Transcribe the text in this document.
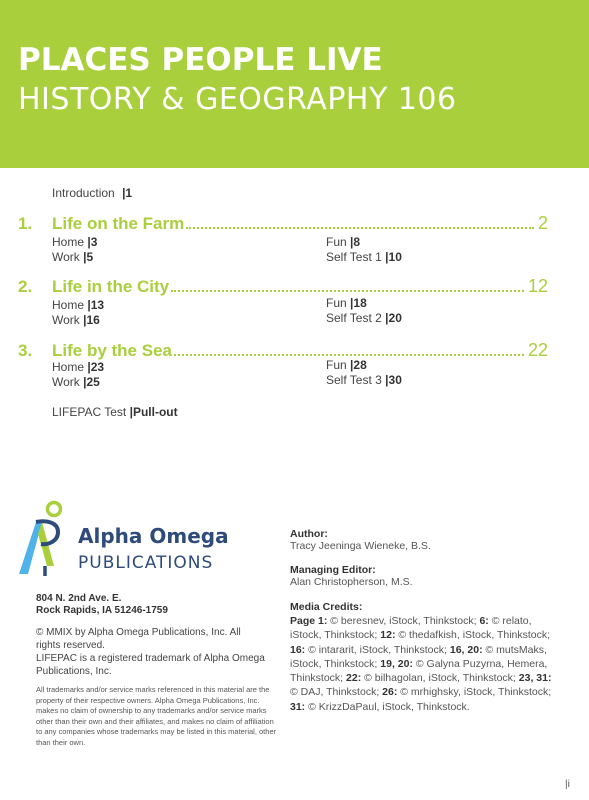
PLACES PEOPLE LIVE
HISTORY & GEOGRAPHY 106
Introduction |1
1.	Life on the Farm	2
Home |3
Work |5
Fun |8
Self Test 1 |10
2.	Life in the City	12
Home |13
Work |16
Fun |18
Self Test 2 |20
3.	Life by the Sea	22
Home |23
Work |25
Fun |28
Self Test 3 |30
LIFEPAC Test |Pull-out
Alpha Omega
PUBLICATIONS
804 N. 2nd Ave. E.
Rock Rapids, IA 51246-1759
© MMIX by Alpha Omega Publications, Inc. All rights reserved.
LIFEPAC is a registered trademark of Alpha Omega Publications, Inc.
All trademarks and/or service marks referenced in this material are the property of their respective owners. Alpha Omega Publications, Inc. makes no claim of ownership to any trademarks and/or service marks other than their own and their affiliates, and makes no claim of affiliation to any companies whose trademarks may be listed in this material, other than their own.
Author:
Tracy Jeeninga Wieneke, B.S.
Managing Editor:
Alan Christopherson, M.S.
Media Credits:
Page 1: © beresnev, iStock, Thinkstock; 6: © relato, iStock, Thinkstock; 12: © thedafkish, iStock, Thinkstock; 16: © intararit, iStock, Thinkstock; 16, 20: © mutsMaks, iStock, Thinkstock; 19, 20: © Galyna Puzyrna, Hemera, Thinkstock; 22: © bilhagolan, iStock, Thinkstock; 23, 31: © DAJ, Thinkstock; 26: © mrhighsky, iStock, Thinkstock; 31: © KrizzDaPaul, iStock, Thinkstock.
|i
